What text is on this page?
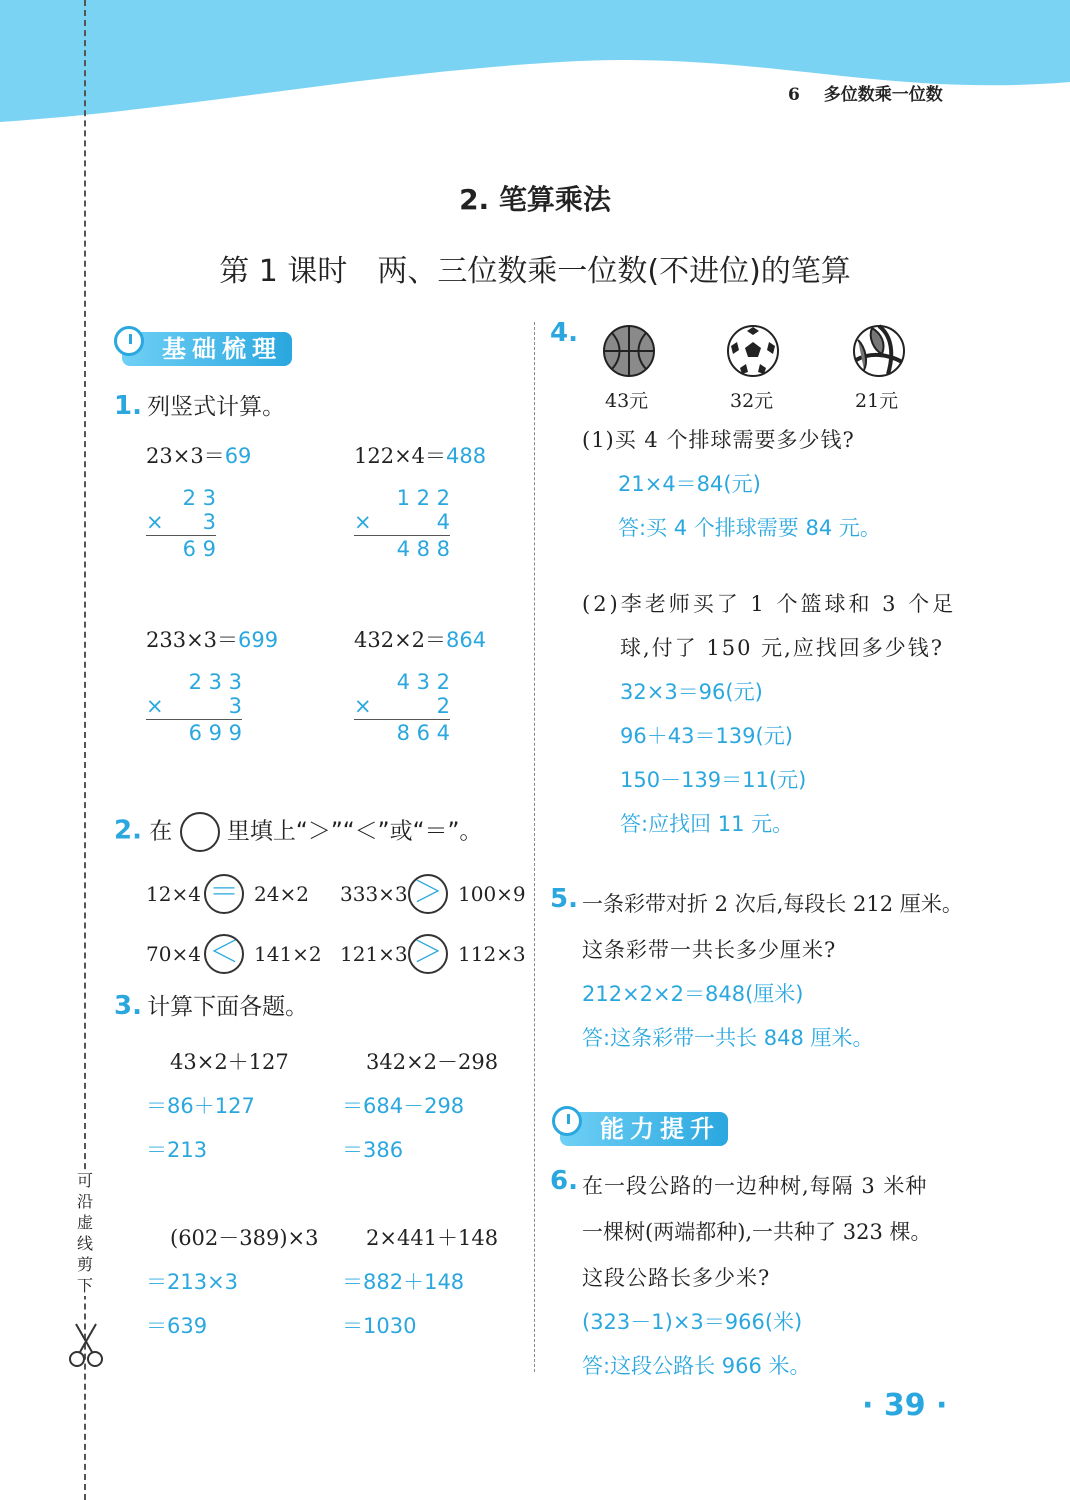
6 多位数乘一位数
可
沿
虚
线
剪
下
2. 笔算乘法
第 1 课时　两、三位数乘一位数(不进位)的笔算
基础梳理
1. 列竖式计算。
23×3＝69
2 3
× 3
6 9
122×4＝488
1 2 2
×	4
4 8 8
233×3＝699
2 3 3
×	3
6 9 9
432×2＝864
4 3 2
×	2
8 6 4
2. 在 里填上“＞”“＜”或“＝”。
12×4 ＝ 24×2 333×3 ＞ 100×9
70×4 ＜ 141×2 121×3 ＞ 112×3
3. 计算下面各题。
43×2＋127
＝86＋127
＝213
342×2－298
＝684－298
＝386
(602－389)×3
＝213×3
＝639
2×441＋148
＝882＋148
＝1030
4.
43元	32元	21元
(1)买 4 个排球需要多少钱?
21×4＝84(元)
答:买 4 个排球需要 84 元。
(2)李老师买了 1 个篮球和 3 个足
球,付了 150 元,应找回多少钱?
32×3＝96(元)
96＋43＝139(元)
150－139＝11(元)
答:应找回 11 元。
5. 一条彩带对折 2 次后,每段长 212 厘米。
这条彩带一共长多少厘米?
212×2×2＝848(厘米)
答:这条彩带一共长 848 厘米。
能力提升
6. 在一段公路的一边种树,每隔 3 米种
一棵树(两端都种),一共种了 323 棵。
这段公路长多少米?
(323－1)×3＝966(米)
答:这段公路长 966 米。
· 39 ·
